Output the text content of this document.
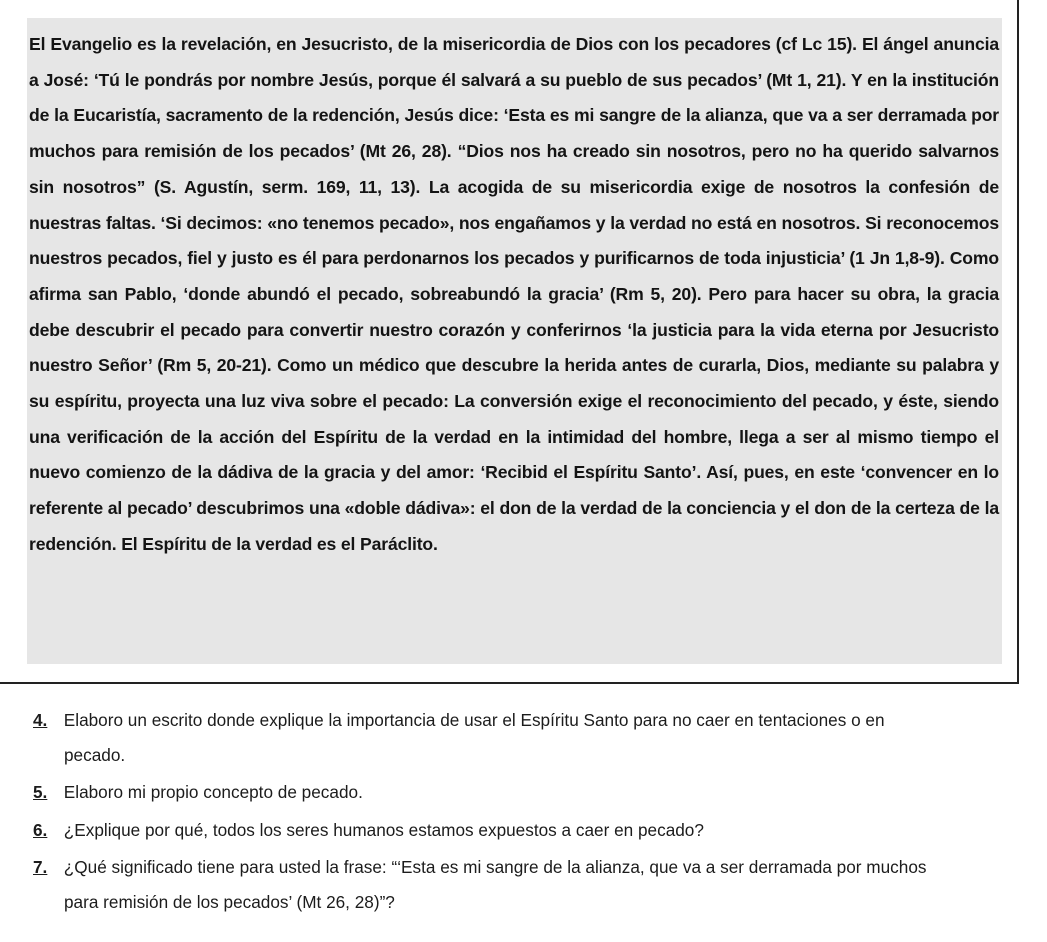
El Evangelio es la revelación, en Jesucristo, de la misericordia de Dios con los pecadores (cf Lc 15). El ángel anuncia a José: ‘Tú le pondrás por nombre Jesús, porque él salvará a su pueblo de sus pecados’ (Mt 1, 21). Y en la institución de la Eucaristía, sacramento de la redención, Jesús dice: ‘Esta es mi sangre de la alianza, que va a ser derramada por muchos para remisión de los pecados’ (Mt 26, 28). “Dios nos ha creado sin nosotros, pero no ha querido salvarnos sin nosotros” (S. Agustín, serm. 169, 11, 13). La acogida de su misericordia exige de nosotros la confesión de nuestras faltas. ‘Si decimos: «no tenemos pecado», nos engañamos y la verdad no está en nosotros. Si reconocemos nuestros pecados, fiel y justo es él para perdonarnos los pecados y purificarnos de toda injusticia’ (1 Jn 1,8-9). Como afirma san Pablo, ‘donde abundó el pecado, sobreabundó la gracia’ (Rm 5, 20). Pero para hacer su obra, la gracia debe descubrir el pecado para convertir nuestro corazón y conferirnos ‘la justicia para la vida eterna por Jesucristo nuestro Señor’ (Rm 5, 20-21). Como un médico que descubre la herida antes de curarla, Dios, mediante su palabra y su espíritu, proyecta una luz viva sobre el pecado: La conversión exige el reconocimiento del pecado, y éste, siendo una verificación de la acción del Espíritu de la verdad en la intimidad del hombre, llega a ser al mismo tiempo el nuevo comienzo de la dádiva de la gracia y del amor: ‘Recibid el Espíritu Santo’. Así, pues, en este ‘convencer en lo referente al pecado’ descubrimos una «doble dádiva»: el don de la verdad de la conciencia y el don de la certeza de la redención. El Espíritu de la verdad es el Paráclito.

4. Elaboro un escrito donde explique la importancia de usar el Espíritu Santo para no caer en tentaciones o en
pecado.
5. Elaboro mi propio concepto de pecado.
6. ¿Explique por qué, todos los seres humanos estamos expuestos a caer en pecado?
7. ¿Qué significado tiene para usted la frase: “‘Esta es mi sangre de la alianza, que va a ser derramada por muchos
para remisión de los pecados’ (Mt 26, 28)”?
